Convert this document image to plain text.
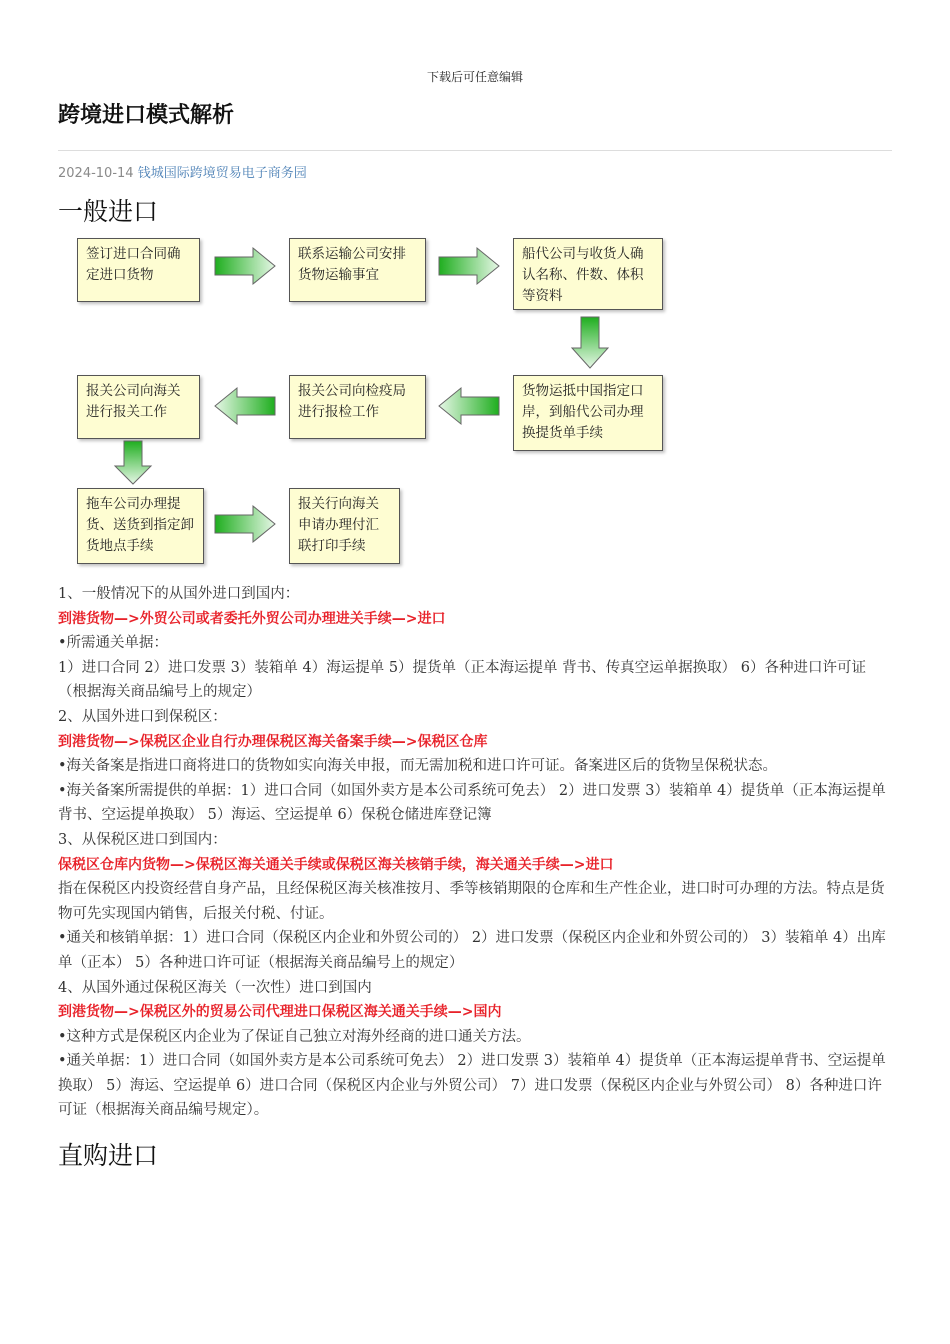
下载后可任意编辑
跨境进口模式解析
2024-10-14 钱城国际跨境贸易电子商务园
一般进口
签订进口合同确定进口货物
联系运输公司安排货物运输事宜
船代公司与收货人确认名称、件数、体积等资料
货物运抵中国指定口岸，到船代公司办理换提货单手续
报关公司向检疫局进行报检工作
报关公司向海关进行报关工作
拖车公司办理提货、送货到指定卸货地点手续
报关行向海关申请办理付汇联打印手续

1、一般情况下的从国外进口到国内：

到港货物—>外贸公司或者委托外贸公司办理进关手续—>进口

•所需通关单据：

1）进口合同 2）进口发票 3）装箱单 4）海运提单 5）提货单（正本海运提单 背书、传真空运单据换取） 6）各种进口许可证（根据海关商品编号上的规定）

2、从国外进口到保税区：

到港货物—>保税区企业自行办理保税区海关备案手续—>保税区仓库

•海关备案是指进口商将进口的货物如实向海关申报，而无需加税和进口许可证。备案进区后的货物呈保税状态。

•海关备案所需提供的单据：1）进口合同（如国外卖方是本公司系统可免去） 2）进口发票 3）装箱单 4）提货单（正本海运提单背书、空运提单换取） 5）海运、空运提单 6）保税仓储进库登记簿

3、从保税区进口到国内：

保税区仓库内货物—>保税区海关通关手续或保税区海关核销手续，海关通关手续—>进口

指在保税区内投资经营自身产品，且经保税区海关核准按月、季等核销期限的仓库和生产性企业，进口时可办理的方法。特点是货物可先实现国内销售，后报关付税、付证。

•通关和核销单据：1）进口合同（保税区内企业和外贸公司的） 2）进口发票（保税区内企业和外贸公司的） 3）装箱单 4）出库单（正本） 5）各种进口许可证（根据海关商品编号上的规定）

4、从国外通过保税区海关（一次性）进口到国内

到港货物—>保税区外的贸易公司代理进口保税区海关通关手续—>国内

•这种方式是保税区内企业为了保证自己独立对海外经商的进口通关方法。

•通关单据：1）进口合同（如国外卖方是本公司系统可免去） 2）进口发票 3）装箱单 4）提货单（正本海运提单背书、空运提单换取） 5）海运、空运提单 6）进口合同（保税区内企业与外贸公司） 7）进口发票（保税区内企业与外贸公司） 8）各种进口许可证（根据海关商品编号规定）。

直购进口
